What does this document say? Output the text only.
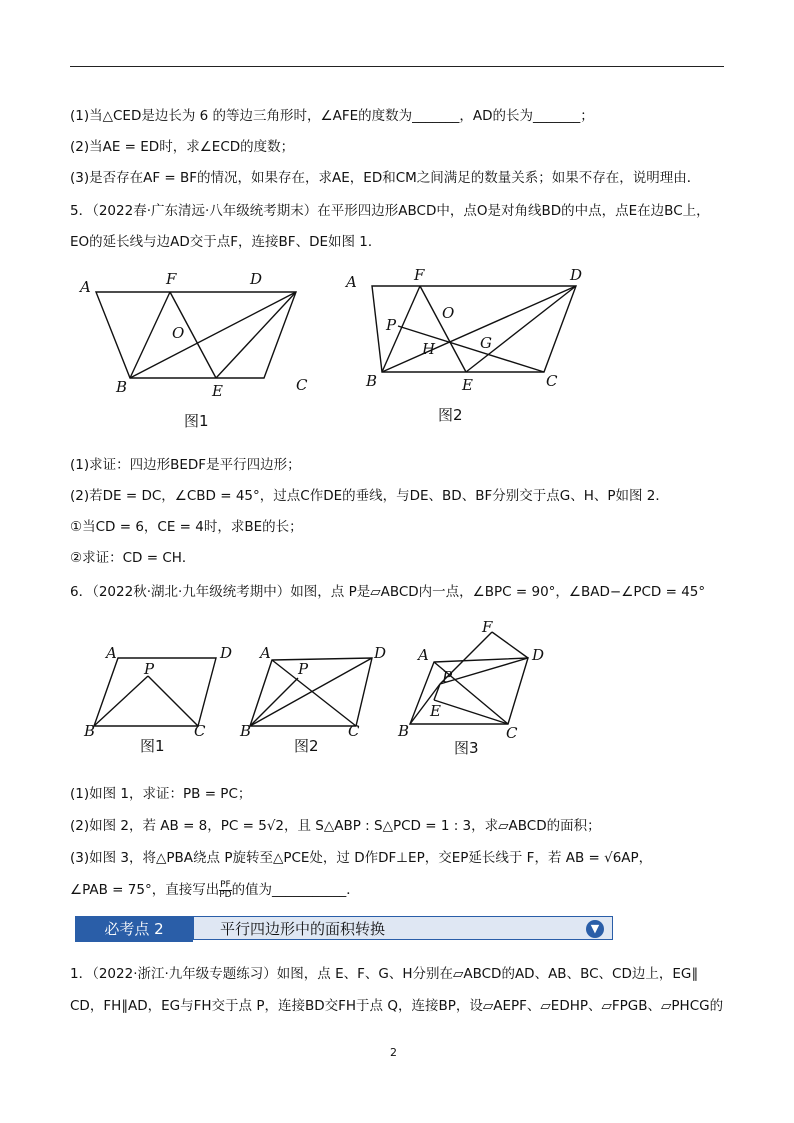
(1)当△CED是边长为 6 的等边三角形时，∠AFE的度数为_______，AD的长为_______；
(2)当AE = ED时，求∠ECD的度数；
(3)是否存在AF = BF的情况，如果存在，求AE，ED和CM之间满足的数量关系；如果不存在，说明理由．
5．（2022春·广东清远·八年级统考期末）在平形四边形ABCD中，点O是对角线BD的中点，点E在边BC上，
EO的延长线与边AD交于点F，连接BF、DE如图 1．
A	F	D
O
B	E	C
图1
A	F	D
O
P
H	G
B	E	C
图2
(1)求证：四边形BEDF是平行四边形；
(2)若DE = DC，∠CBD = 45°，过点C作DE的垂线，与DE、BD、BF分别交于点G、H、P如图 2．
①当CD = 6，CE = 4时，求BE的长；
②求证：CD = CH．
6．（2022秋·湖北·九年级统考期中）如图，点 P是▱ABCD内一点，∠BPC = 90°，∠BAD−∠PCD = 45°
A	D
P
B	C
图1
A	D
P
B	C
图2
A	D
F
P
E
B	C
图3
(1)如图 1，求证：PB = PC；
(2)如图 2，若 AB = 8，PC = 5√2，且 S△ABP : S△PCD = 1 : 3，求▱ABCD的面积；
(3)如图 3，将△PBA绕点 P旋转至△PCE处，过 D作DF⊥EP，交EP延长线于 F，若 AB = √6AP，
∠PAB = 75°，直接写出 $\frac{PF}{PD}$ 的值为___________．
必考点 2	平行四边形中的面积转换	▼
1．（2022·浙江·九年级专题练习）如图，点 E、F、G、H分别在▱ABCD的AD、AB、BC、CD边上，EG∥
CD，FH∥AD，EG与FH交于点 P，连接BD交FH于点 Q，连接BP，设▱AEPF、▱EDHP、▱FPGB、▱PHCG的
2
